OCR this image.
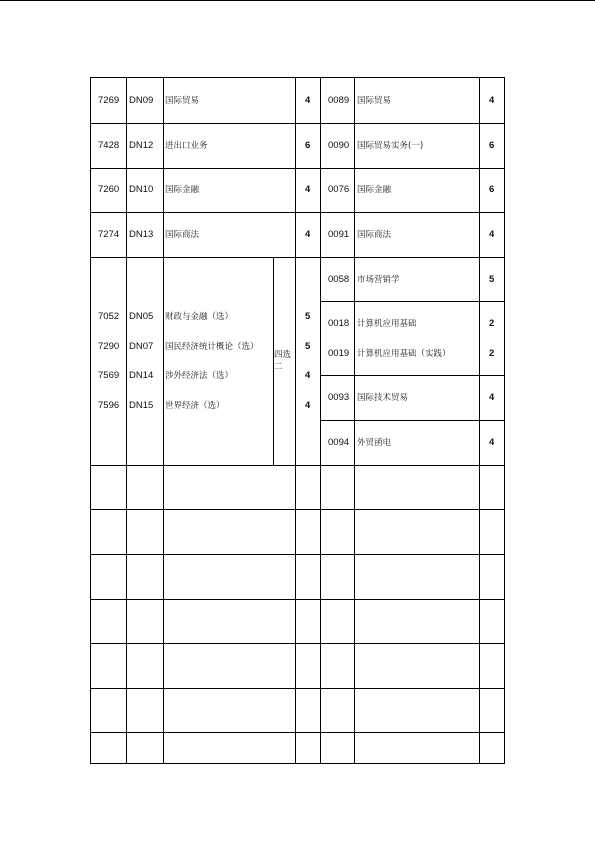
7269 DN09 国际贸易	4 0089 国际贸易	4
7428 DN12 进出口业务	6 0090 国际贸易实务(一)	6
7260 DN10 国际金融	4 0076 国际金融	6
7274 DN13 国际商法	4 0091 国际商法	4
7052 DN05 财政与金融（选）	5
7290 DN07 国民经济统计概论（选）	5
7569 DN14 涉外经济法（选）	4
7596 DN15 世界经济（选）	4
四选二
0058 市场营销学	5
0018 计算机应用基础	2
0019 计算机应用基础（实践）	2
0093 国际技术贸易	4
0094 外贸函电	4
